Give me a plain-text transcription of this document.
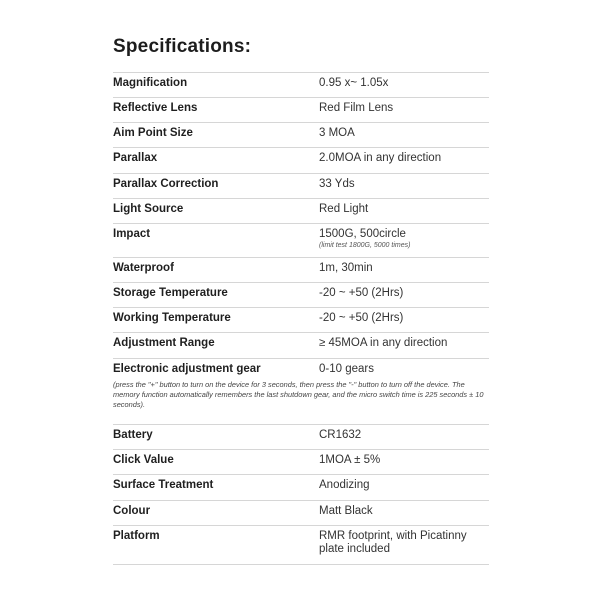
Specifications:
Magnification	0.95 x~ 1.05x
Reflective Lens	Red Film Lens
Aim Point Size	3 MOA
Parallax	2.0MOA in any direction
Parallax Correction	33 Yds
Light Source	Red Light
Impact	1500G, 500circle
(limit test 1800G, 5000 times)
Waterproof	1m, 30min
Storage Temperature	-20 ~ +50 (2Hrs)
Working Temperature	-20 ~ +50 (2Hrs)
Adjustment Range	≥ 45MOA in any direction
Electronic adjustment gear	0-10 gears
(press the "+" button to turn on the device for 3 seconds, then press the "-" button to turn off the device. The memory function automatically remembers the last shutdown gear, and the micro switch time is 225 seconds ± 10 seconds).
Battery	CR1632
Click Value	1MOA ± 5%
Surface Treatment	Anodizing
Colour	Matt Black
Platform	RMR footprint, with Picatinny plate included
